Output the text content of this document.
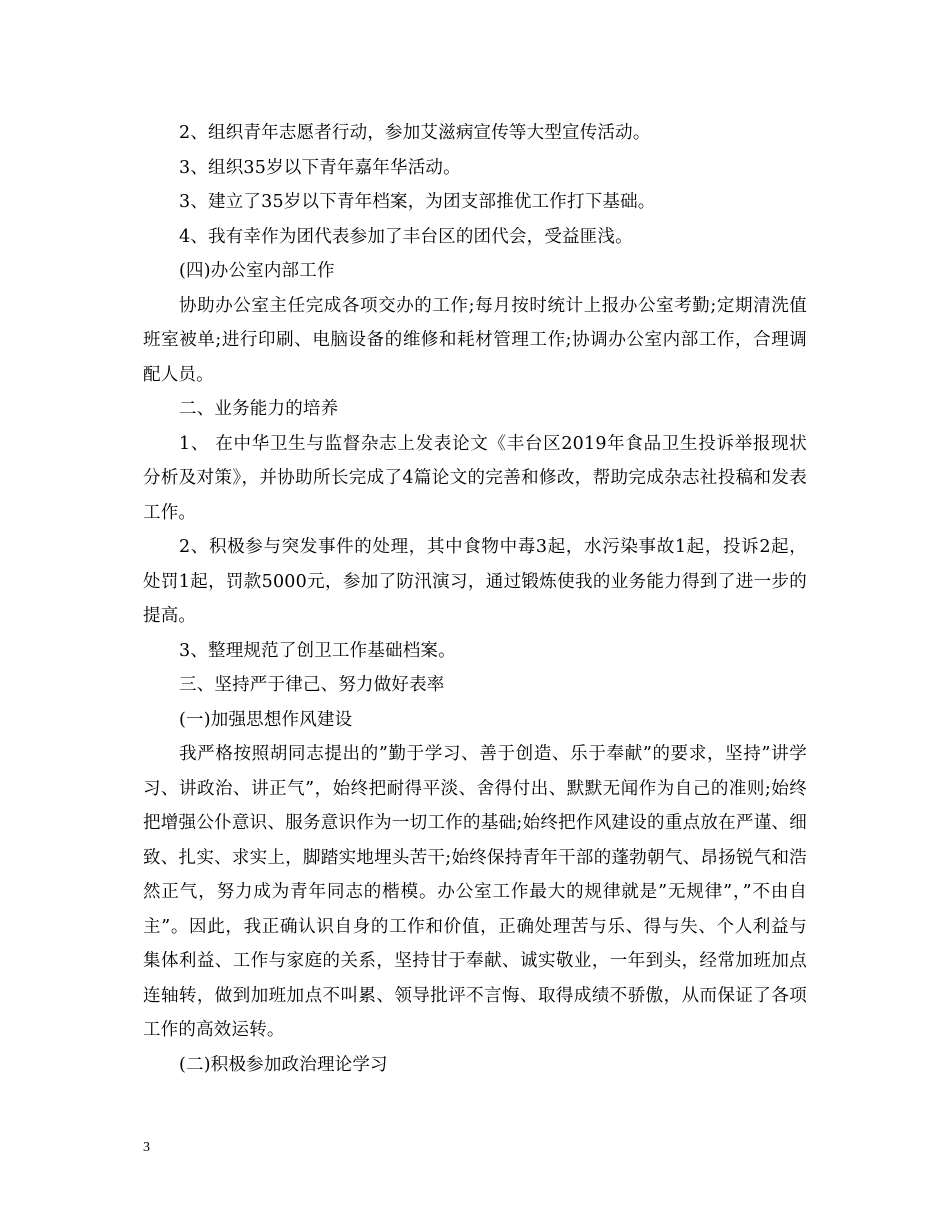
2、组织青年志愿者行动，参加艾滋病宣传等大型宣传活动。

3、组织35岁以下青年嘉年华活动。

3、建立了35岁以下青年档案，为团支部推优工作打下基础。

4、我有幸作为团代表参加了丰台区的团代会，受益匪浅。

(四)办公室内部工作

协助办公室主任完成各项交办的工作;每月按时统计上报办公室考勤;定期清洗值班室被单;进行印刷、电脑设备的维修和耗材管理工作;协调办公室内部工作，合理调配人员。

二、业务能力的培养

1、 在中华卫生与监督杂志上发表论文《丰台区2019年食品卫生投诉举报现状分析及对策》，并协助所长完成了4篇论文的完善和修改，帮助完成杂志社投稿和发表工作。

2、积极参与突发事件的处理，其中食物中毒3起，水污染事故1起，投诉2起，处罚1起，罚款5000元，参加了防汛演习，通过锻炼使我的业务能力得到了进一步的提高。

3、整理规范了创卫工作基础档案。

三、坚持严于律己、努力做好表率

(一)加强思想作风建设

我严格按照胡同志提出的”勤于学习、善于创造、乐于奉献”的要求，坚持”讲学习、讲政治、讲正气”，始终把耐得平淡、舍得付出、默默无闻作为自己的准则;始终把增强公仆意识、服务意识作为一切工作的基础;始终把作风建设的重点放在严谨、细致、扎实、求实上，脚踏实地埋头苦干;始终保持青年干部的蓬勃朝气、昂扬锐气和浩然正气，努力成为青年同志的楷模。办公室工作最大的规律就是”无规律”，”不由自主”。因此，我正确认识自身的工作和价值，正确处理苦与乐、得与失、个人利益与集体利益、工作与家庭的关系，坚持甘于奉献、诚实敬业，一年到头，经常加班加点连轴转，做到加班加点不叫累、领导批评不言悔、取得成绩不骄傲，从而保证了各项工作的高效运转。

(二)积极参加政治理论学习

3
